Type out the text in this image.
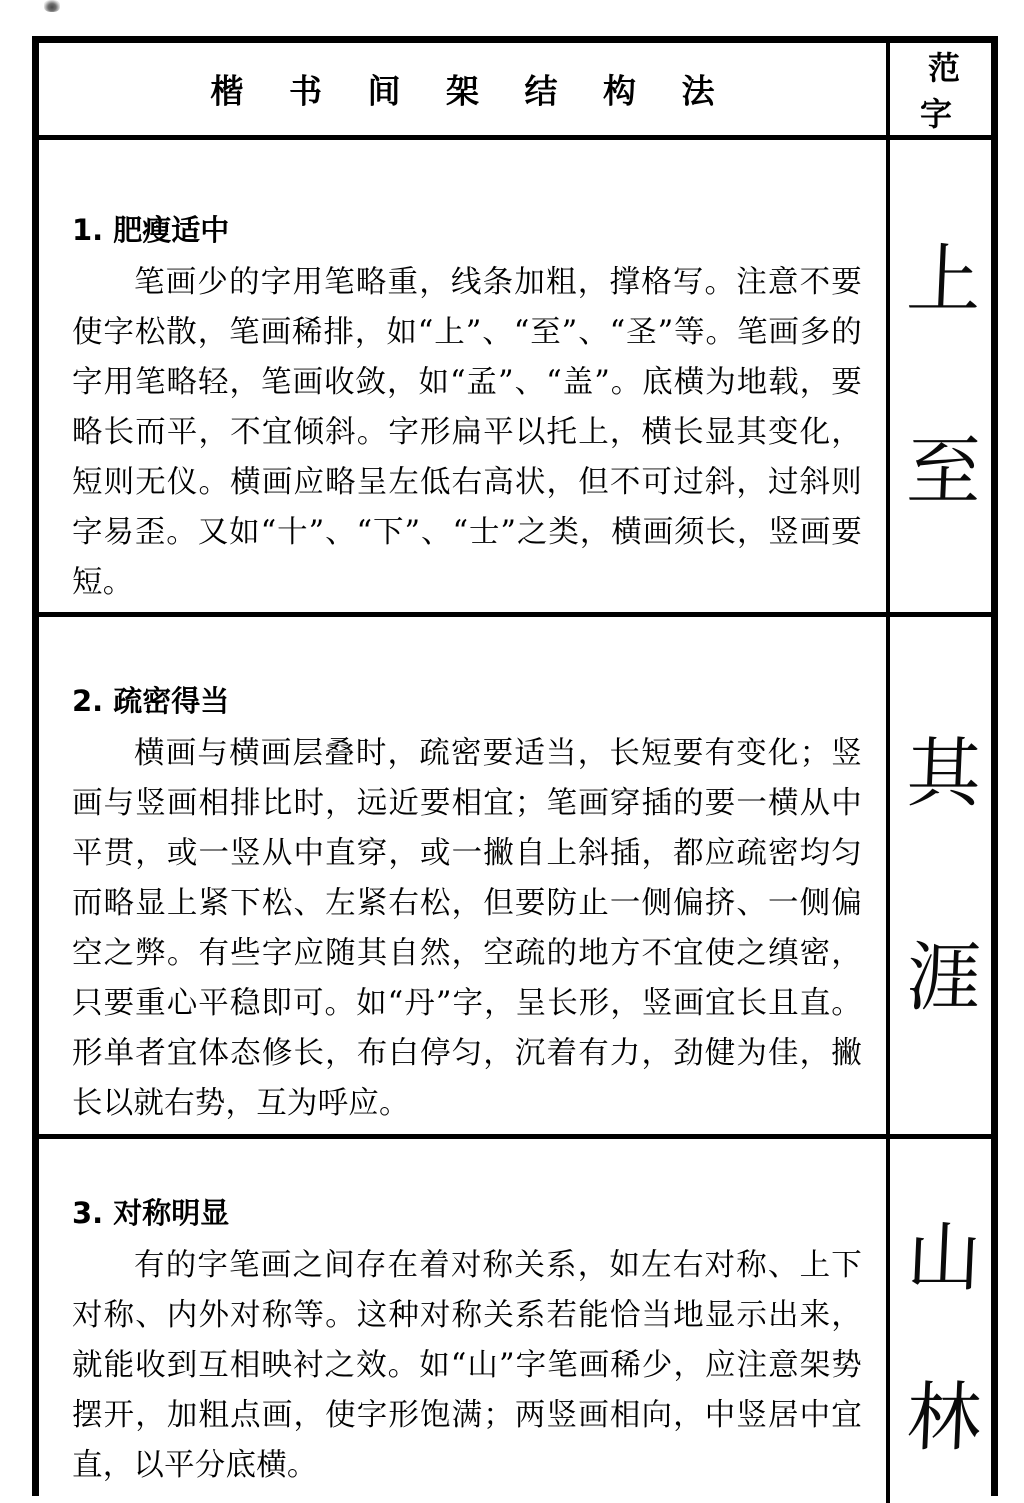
楷 书 间 架 结 构 法
范 字
1. 肥瘦适中
笔画少的字用笔略重，线条加粗，撑格写。注意不要使字松散，笔画稀排，如“上”、“至”、“圣”等。笔画多的字用笔略轻，笔画收敛，如“孟”、“盖”。底横为地载，要略长而平，不宜倾斜。字形扁平以托上，横长显其变化，短则无仪。横画应略呈左低右高状，但不可过斜，过斜则字易歪。又如“十”、“下”、“士”之类，横画须长，竖画要短。
上
至
2. 疏密得当
横画与横画层叠时，疏密要适当，长短要有变化；竖画与竖画相排比时，远近要相宜；笔画穿插的要一横从中平贯，或一竖从中直穿，或一撇自上斜插，都应疏密均匀而略显上紧下松、左紧右松，但要防止一侧偏挤、一侧偏空之弊。有些字应随其自然，空疏的地方不宜使之缜密，只要重心平稳即可。如“丹”字，呈长形，竖画宜长且直。形单者宜体态修长，布白停匀，沉着有力，劲健为佳，撇长以就右势，互为呼应。
其
涯
3. 对称明显
有的字笔画之间存在着对称关系，如左右对称、上下对称、内外对称等。这种对称关系若能恰当地显示出来，就能收到互相映衬之效。如“山”字笔画稀少，应注意架势摆开，加粗点画，使字形饱满；两竖画相向，中竖居中宜直，以平分底横。
山
林
